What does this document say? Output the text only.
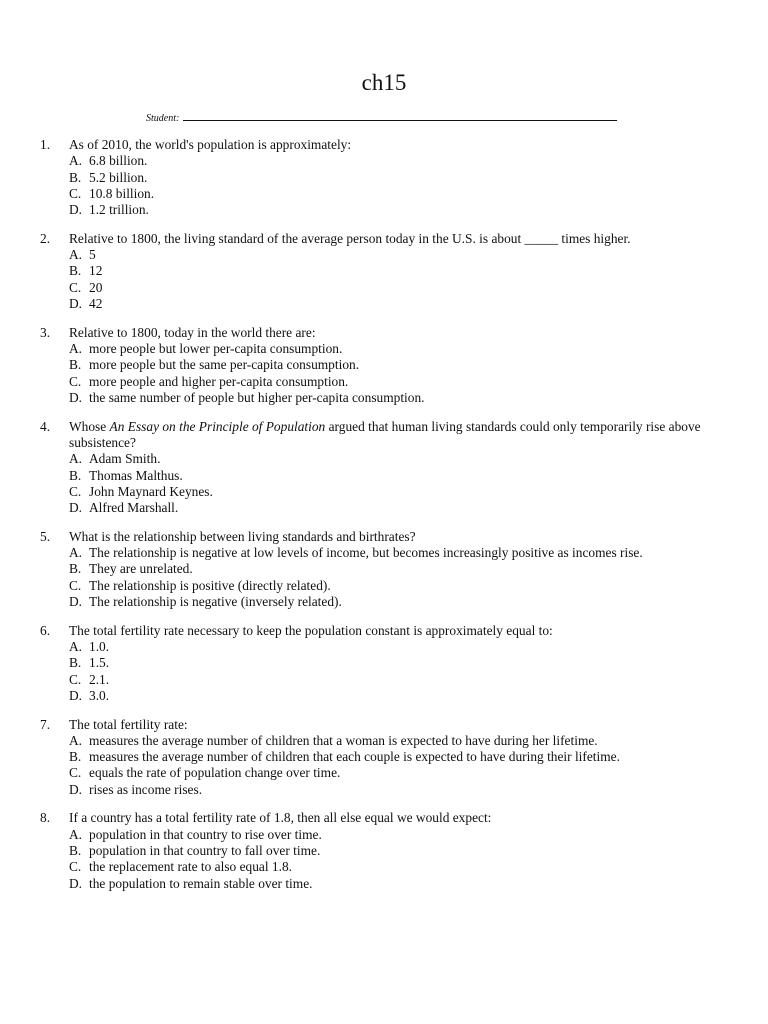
ch15
Student:
1. As of 2010, the world's population is approximately:
A. 6.8 billion.
B. 5.2 billion.
C. 10.8 billion.
D. 1.2 trillion.
2. Relative to 1800, the living standard of the average person today in the U.S. is about _____ times higher.
A. 5
B. 12
C. 20
D. 42
3. Relative to 1800, today in the world there are:
A. more people but lower per-capita consumption.
B. more people but the same per-capita consumption.
C. more people and higher per-capita consumption.
D. the same number of people but higher per-capita consumption.
4. Whose An Essay on the Principle of Population argued that human living standards could only temporarily rise above subsistence?
A. Adam Smith.
B. Thomas Malthus.
C. John Maynard Keynes.
D. Alfred Marshall.
5. What is the relationship between living standards and birthrates?
A. The relationship is negative at low levels of income, but becomes increasingly positive as incomes rise.
B. They are unrelated.
C. The relationship is positive (directly related).
D. The relationship is negative (inversely related).
6. The total fertility rate necessary to keep the population constant is approximately equal to:
A. 1.0.
B. 1.5.
C. 2.1.
D. 3.0.
7. The total fertility rate:
A. measures the average number of children that a woman is expected to have during her lifetime.
B. measures the average number of children that each couple is expected to have during their lifetime.
C. equals the rate of population change over time.
D. rises as income rises.
8. If a country has a total fertility rate of 1.8, then all else equal we would expect:
A. population in that country to rise over time.
B. population in that country to fall over time.
C. the replacement rate to also equal 1.8.
D. the population to remain stable over time.
